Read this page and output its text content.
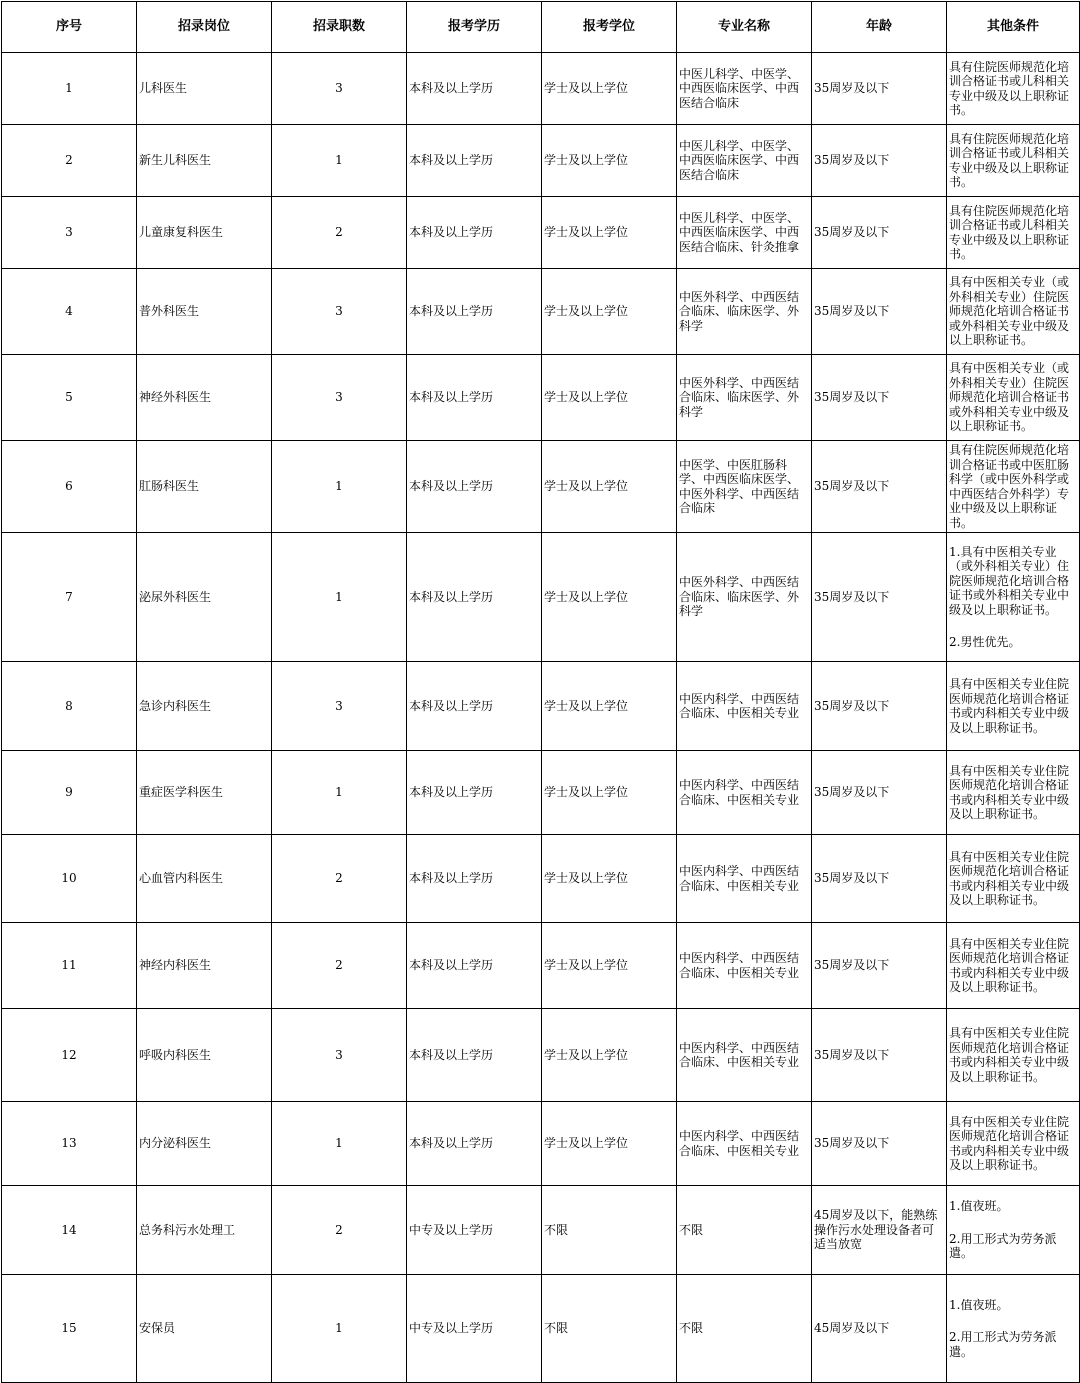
序号	招录岗位	招录职数	报考学历	报考学位	专业名称	年龄	其他条件
1	儿科医生	3	本科及以上学历	学士及以上学位	中医儿科学、中医学、中西医临床医学、中西医结合临床	35周岁及以下	具有住院医师规范化培训合格证书或儿科相关专业中级及以上职称证书。

2	新生儿科医生	1	本科及以上学历	学士及以上学位	中医儿科学、中医学、中西医临床医学、中西医结合临床	35周岁及以下	具有住院医师规范化培训合格证书或儿科相关专业中级及以上职称证书。

3	儿童康复科医生	2	本科及以上学历	学士及以上学位	中医儿科学、中医学、中西医临床医学、中西医结合临床、针灸推拿	35周岁及以下	具有住院医师规范化培训合格证书或儿科相关专业中级及以上职称证书。

4	普外科医生	3	本科及以上学历	学士及以上学位	中医外科学、中西医结合临床、临床医学、外科学	35周岁及以下	具有中医相关专业（或外科相关专业）住院医师规范化培训合格证书或外科相关专业中级及以上职称证书。

5	神经外科医生	3	本科及以上学历	学士及以上学位	中医外科学、中西医结合临床、临床医学、外科学	35周岁及以下	具有中医相关专业（或外科相关专业）住院医师规范化培训合格证书或外科相关专业中级及以上职称证书。

6	肛肠科医生	1	本科及以上学历	学士及以上学位	中医学、中医肛肠科学、中西医临床医学、中医外科学、中西医结合临床	35周岁及以下	具有住院医师规范化培训合格证书或中医肛肠科学（或中医外科学或中西医结合外科学）专业中级及以上职称证书。

7	泌尿外科医生	1	本科及以上学历	学士及以上学位	中医外科学、中西医结合临床、临床医学、外科学	35周岁及以下	1.具有中医相关专业（或外科相关专业）住院医师规范化培训合格证书或外科相关专业中级及以上职称证书。
2.男性优先。

8	急诊内科医生	3	本科及以上学历	学士及以上学位	中医内科学、中西医结合临床、中医相关专业	35周岁及以下	具有中医相关专业住院医师规范化培训合格证书或内科相关专业中级及以上职称证书。

9	重症医学科医生	1	本科及以上学历	学士及以上学位	中医内科学、中西医结合临床、中医相关专业	35周岁及以下	具有中医相关专业住院医师规范化培训合格证书或内科相关专业中级及以上职称证书。

10	心血管内科医生	2	本科及以上学历	学士及以上学位	中医内科学、中西医结合临床、中医相关专业	35周岁及以下	具有中医相关专业住院医师规范化培训合格证书或内科相关专业中级及以上职称证书。

11	神经内科医生	2	本科及以上学历	学士及以上学位	中医内科学、中西医结合临床、中医相关专业	35周岁及以下	具有中医相关专业住院医师规范化培训合格证书或内科相关专业中级及以上职称证书。

12	呼吸内科医生	3	本科及以上学历	学士及以上学位	中医内科学、中西医结合临床、中医相关专业	35周岁及以下	具有中医相关专业住院医师规范化培训合格证书或内科相关专业中级及以上职称证书。

13	内分泌科医生	1	本科及以上学历	学士及以上学位	中医内科学、中西医结合临床、中医相关专业	35周岁及以下	具有中医相关专业住院医师规范化培训合格证书或内科相关专业中级及以上职称证书。

14	总务科污水处理工	2	中专及以上学历	不限	不限	45周岁及以下，能熟练操作污水处理设备者可适当放宽	1.值夜班。
2.用工形式为劳务派遣。

15	安保员	1	中专及以上学历	不限	不限	45周岁及以下	1.值夜班。
2.用工形式为劳务派遣。
